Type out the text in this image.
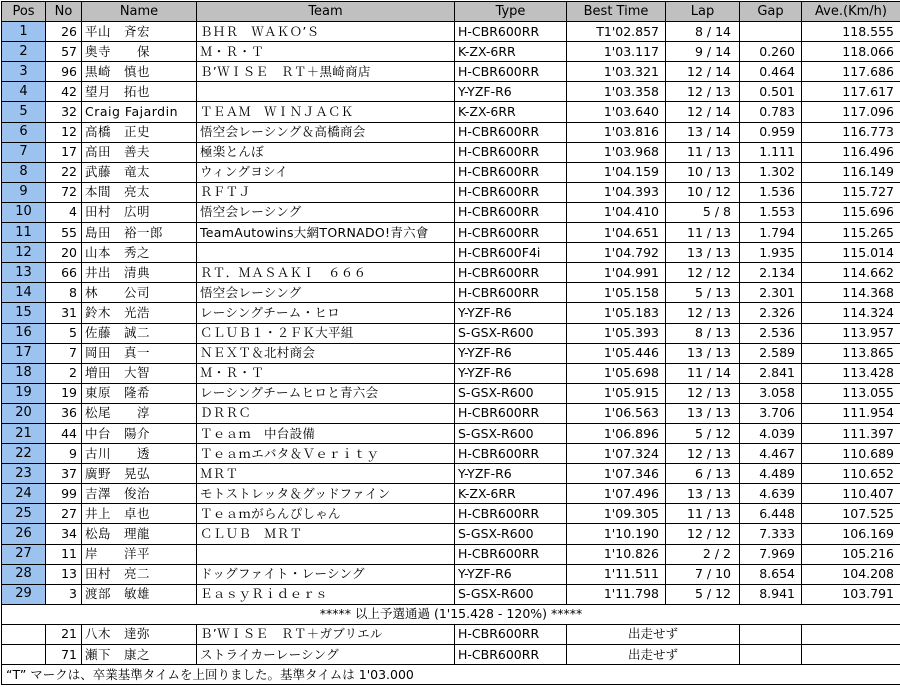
Pos	No	Name	Team	Type	Best Time	Lap	Gap	Ave.(Km/h)
1	26	平山　斉宏	ＢＨＲ　ＷＡＫＯ’Ｓ	H-CBR600RR	T1'02.857	8 / 14		118.555
2	57	奥寺　　保	Ｍ・Ｒ・Ｔ	K-ZX-6RR	1'03.117	9 / 14	0.260	118.066
3	96	黒崎　慎也	Ｂ’ＷＩＳＥ　ＲＴ＋黒崎商店	H-CBR600RR	1'03.321	12 / 14	0.464	117.686
4	42	望月　拓也		Y-YZF-R6	1'03.358	12 / 13	0.501	117.617
5	32	Craig Fajardin	ＴＥＡＭ　ＷＩＮＪＡＣＫ	K-ZX-6RR	1'03.640	12 / 14	0.783	117.096
6	12	高橋　正史	悟空会レーシング＆高橋商会	H-CBR600RR	1'03.816	13 / 14	0.959	116.773
7	17	高田　善夫	極楽とんぼ	H-CBR600RR	1'03.968	11 / 13	1.111	116.496
8	22	武藤　竜太	ウィングヨシイ	H-CBR600RR	1'04.159	10 / 13	1.302	116.149
9	72	本間　亮太	ＲＦＴＪ	H-CBR600RR	1'04.393	10 / 12	1.536	115.727
10	4	田村　広明	悟空会レーシング	H-CBR600RR	1'04.410	5 / 8	1.553	115.696
11	55	島田　裕一郎	TeamAutowins大網TORNADO!青六會	H-CBR600RR	1'04.651	11 / 13	1.794	115.265
12	20	山本　秀之		H-CBR600F4i	1'04.792	13 / 13	1.935	115.014
13	66	井出　清典	ＲＴ．ＭＡＳＡＫＩ　６６６	H-CBR600RR	1'04.991	12 / 12	2.134	114.662
14	8	林　　公司	悟空会レーシング	H-CBR600RR	1'05.158	5 / 13	2.301	114.368
15	31	鈴木　光浩	レーシングチーム・ヒロ	Y-YZF-R6	1'05.183	12 / 13	2.326	114.324
16	5	佐藤　誠二	ＣＬＵＢ１・２ＦＫ大平組	S-GSX-R600	1'05.393	8 / 13	2.536	113.957
17	7	岡田　真一	ＮＥＸＴ＆北村商会	Y-YZF-R6	1'05.446	13 / 13	2.589	113.865
18	2	増田　大智	Ｍ・Ｒ・Ｔ	Y-YZF-R6	1'05.698	11 / 14	2.841	113.428
19	19	東原　隆希	レーシングチームヒロと青六会	S-GSX-R600	1'05.915	12 / 13	3.058	113.055
20	36	松尾　　淳	ＤＲＲＣ	H-CBR600RR	1'06.563	13 / 13	3.706	111.954
21	44	中台　陽介	Ｔｅａｍ　中台設備	S-GSX-R600	1'06.896	5 / 12	4.039	111.397
22	9	古川　　透	Ｔｅａｍエバタ＆Ｖｅｒｉｔｙ	H-CBR600RR	1'07.324	12 / 13	4.467	110.689
23	37	廣野　晃弘	ＭＲＴ	Y-YZF-R6	1'07.346	6 / 13	4.489	110.652
24	99	吉澤　俊治	モトストレッタ＆グッドファイン	K-ZX-6RR	1'07.496	13 / 13	4.639	110.407
25	27	井上　卓也	Ｔｅａｍがらんぴしゃん	H-CBR600RR	1'09.305	11 / 13	6.448	107.525
26	34	松島　理龍	ＣＬＵＢ　ＭＲＴ	S-GSX-R600	1'10.190	12 / 12	7.333	106.169
27	11	岸　　洋平		H-CBR600RR	1'10.826	2 / 2	7.969	105.216
28	13	田村　亮二	ドッグファイト・レーシング	Y-YZF-R6	1'11.511	7 / 10	8.654	104.208
29	3	渡部　敏雄	ＥａｓｙＲｉｄｅｒｓ	S-GSX-R600	1'11.798	5 / 12	8.941	103.791
***** 以上予選通過 (1'15.428 - 120%) *****								
	21	八木　達弥	Ｂ’ＷＩＳＥ　ＲＴ＋ガブリエル	H-CBR600RR	出走せず			
	71	瀬下　康之	ストライカーレーシング	H-CBR600RR	出走せず			
“T” マークは、卒業基準タイムを上回りました。基準タイムは 1'03.000								
